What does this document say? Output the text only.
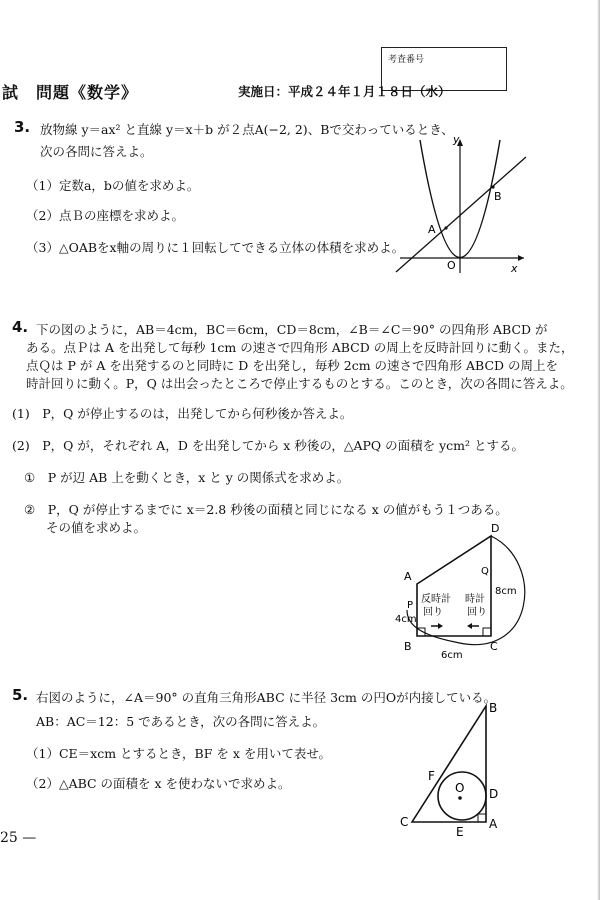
考査番号
試　問題《数学》	実施日：平成２４年１月１８日（水）
3. 放物線 y＝ax² と直線 y＝x＋b が２点A(−2, 2)、Bで交わっているとき、
次の各問に答えよ。
（1）定数a，bの値を求めよ。
（2）点Ｂの座標を求めよ。
（3）△OABをx軸の周りに１回転してできる立体の体積を求めよ。
y
x
O
A
B
4. 下の図のように，AB＝4cm，BC＝6cm，CD＝8cm，∠B＝∠C＝90° の四角形 ABCD が
ある。点Ｐは A を出発して毎秒 1cm の速さで四角形 ABCD の周上を反時計回りに動く。また，
点Ｑは P が A を出発するのと同時に D を出発し，毎秒 2cm の速さで四角形 ABCD の周上を
時計回りに動く。P，Q は出会ったところで停止するものとする。このとき，次の各問に答えよ。
(1)　P，Q が停止するのは，出発してから何秒後か答えよ。
(2)　P，Q が，それぞれ A，D を出発してから x 秒後の，△APQ の面積を ycm² とする。
①　P が辺 AB 上を動くとき，x と y の関係式を求めよ。
②　P，Q が停止するまでに x＝2.8 秒後の面積と同じになる x の値がもう１つある。
その値を求めよ。	D
A
B	C
P
Q
4cm
6cm
8cm
反時計
回り
時計
回り
5. 右図のように，∠A＝90° の直角三角形ABC に半径 3cm の円Oが内接している。
AB：AC＝12：5 であるとき，次の各問に答えよ。
（1）CE＝xcm とするとき，BF を x を用いて表せ。
（2）△ABC の面積を x を使わないで求めよ。
B
C	A
D
E
F
O
25 —
